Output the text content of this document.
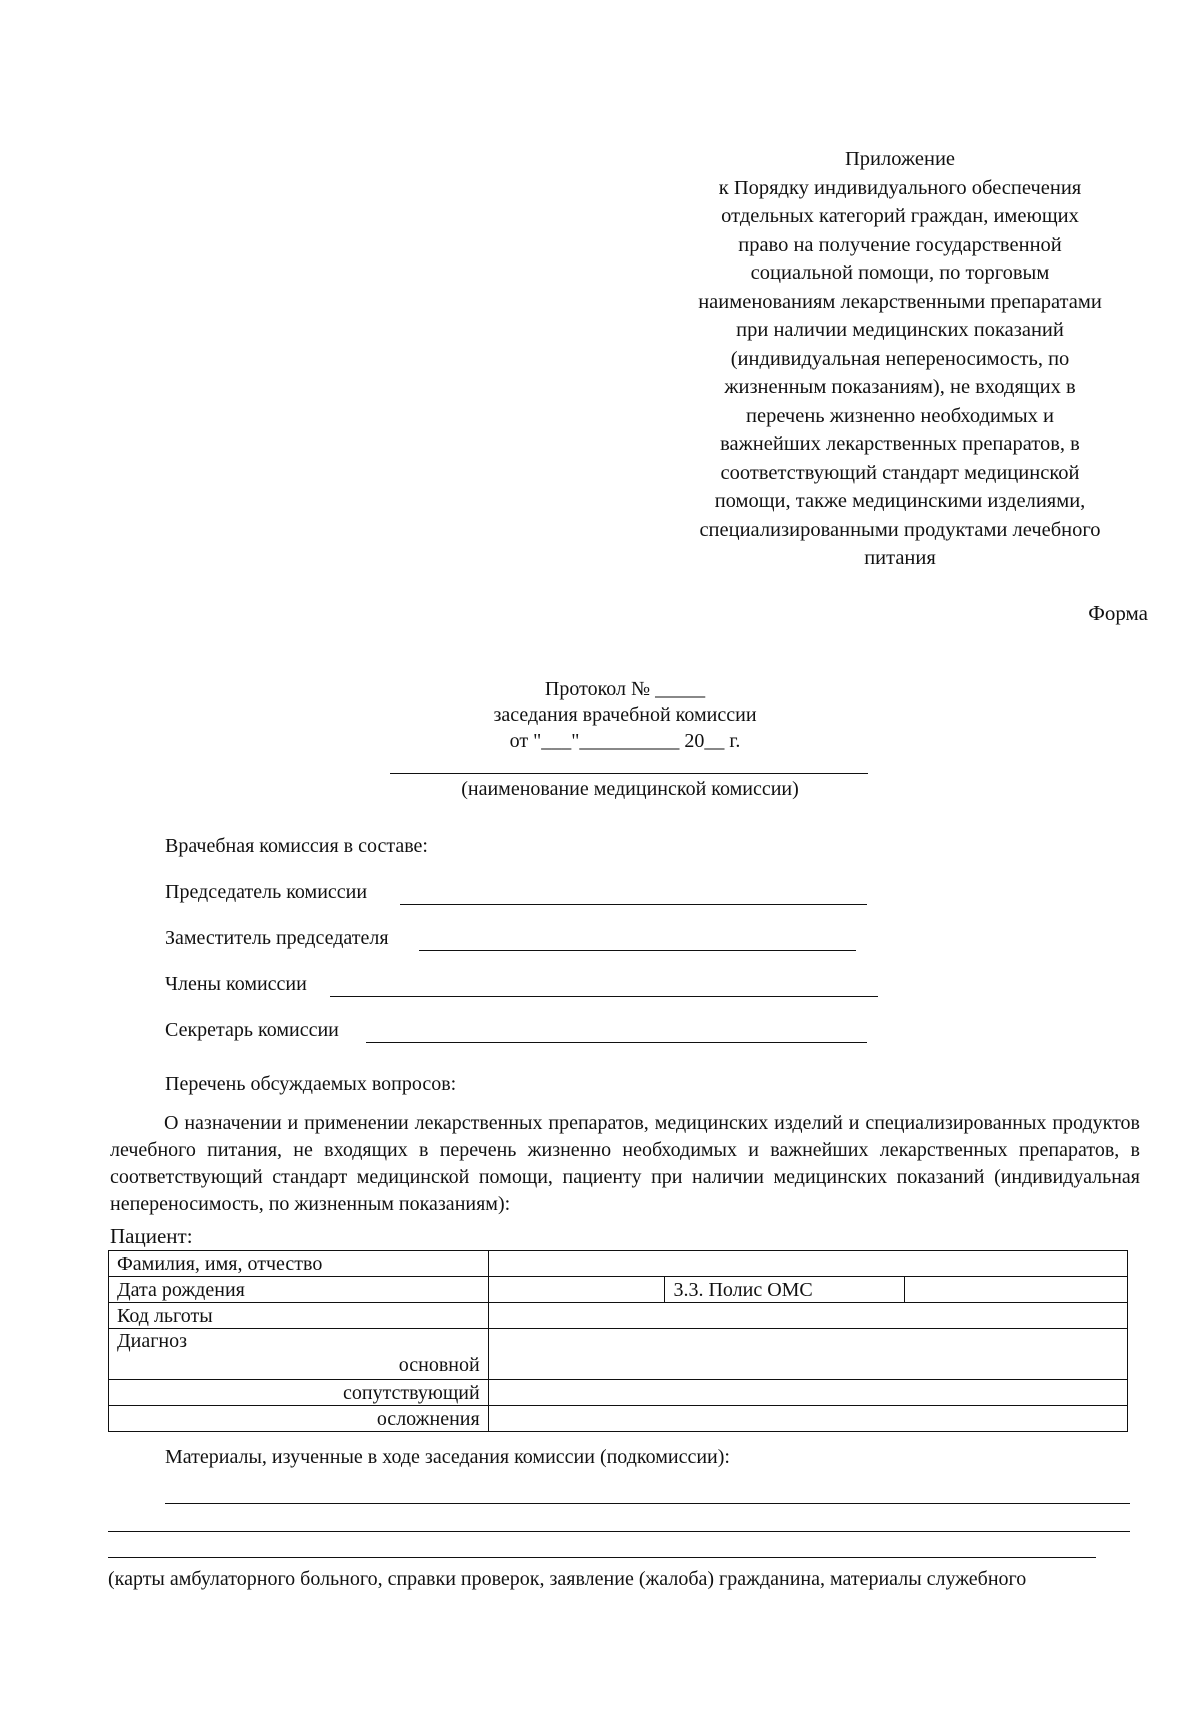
Приложение
к Порядку индивидуального обеспечения
отдельных категорий граждан, имеющих
право на получение государственной
социальной помощи, по торговым
наименованиям лекарственными препаратами
при наличии медицинских показаний
(индивидуальная непереносимость, по
жизненным показаниям), не входящих в
перечень жизненно необходимых и
важнейших лекарственных препаратов, в
соответствующий стандарт медицинской
помощи, также медицинскими изделиями,
специализированными продуктами лечебного
питания
Форма
Протокол № _____
заседания врачебной комиссии
от "___"__________ 20__ г.
(наименование медицинской комиссии)
Врачебная комиссия в составе:
Председатель комиссии
Заместитель председателя
Члены комиссии
Секретарь комиссии
Перечень обсуждаемых вопросов:
О назначении и применении лекарственных препаратов, медицинских изделий и специализированных продуктов лечебного питания, не входящих в перечень жизненно необходимых и важнейших лекарственных препаратов, в соответствующий стандарт медицинской помощи, пациенту при наличии медицинских показаний (индивидуальная непереносимость, по жизненным показаниям):
Пациент:
Фамилия, имя, отчество			
Дата рождения		3.3. Полис ОМС	
Код льготы			

Диагноз
основной			

сопутствующий			
осложнения			
Материалы, изученные в ходе заседания комиссии (подкомиссии):
(карты амбулаторного больного, справки проверок, заявление (жалоба) гражданина, материалы служебного
